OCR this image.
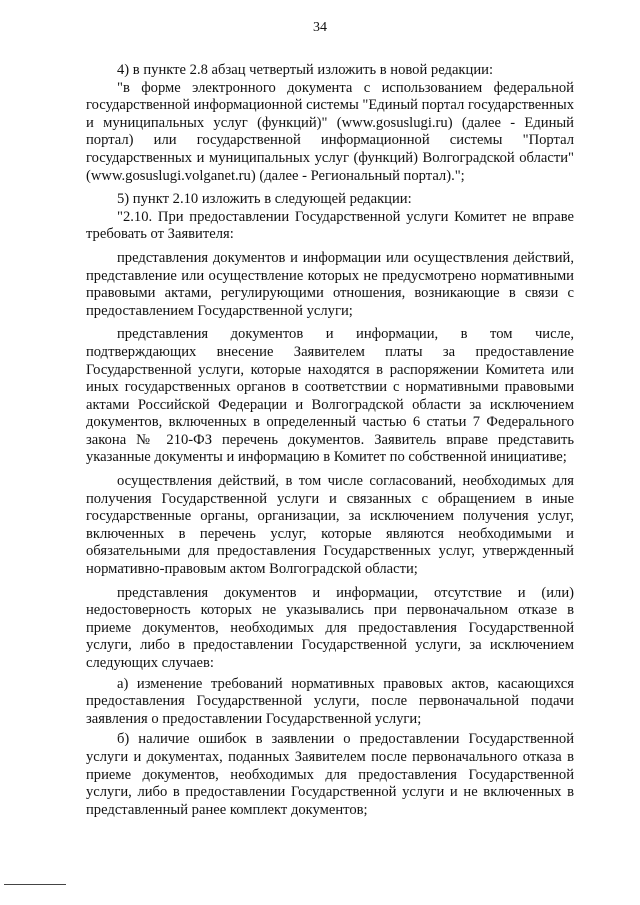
34

4) в пункте 2.8 абзац четвертый изложить в новой редакции:

"в форме электронного документа с использованием федеральной государственной информационной системы "Единый портал государственных и муниципальных услуг (функций)" (www.gosuslugi.ru) (далее - Единый портал) или государственной информационной системы "Портал государственных и муниципальных услуг (функций) Волгоградской области" (www.gosuslugi.volganet.ru) (далее - Региональный портал).";

5) пункт 2.10 изложить в следующей редакции:

"2.10. При предоставлении Государственной услуги Комитет не вправе требовать от Заявителя:

представления документов и информации или осуществления действий, представление или осуществление которых не предусмотрено нормативными правовыми актами, регулирующими отношения, возникающие в связи с предоставлением Государственной услуги;

представления документов и информации, в том числе, подтверждающих внесение Заявителем платы за предоставление Государственной услуги, которые находятся в распоряжении Комитета или иных государственных органов в соответствии с нормативными правовыми актами Российской Федерации и Волгоградской области за исключением документов, включенных в определенный частью 6 статьи 7 Федерального закона № 210-ФЗ перечень документов. Заявитель вправе представить указанные документы и информацию в Комитет по собственной инициативе;

осуществления действий, в том числе согласований, необходимых для получения Государственной услуги и связанных с обращением в иные государственные органы, организации, за исключением получения услуг, включенных в перечень услуг, которые являются необходимыми и обязательными для предоставления Государственных услуг, утвержденный нормативно-правовым актом Волгоградской области;

представления документов и информации, отсутствие и (или) недостоверность которых не указывались при первоначальном отказе в приеме документов, необходимых для предоставления Государственной услуги, либо в предоставлении Государственной услуги, за исключением следующих случаев:

а) изменение требований нормативных правовых актов, касающихся предоставления Государственной услуги, после первоначальной подачи заявления о предоставлении Государственной услуги;

б) наличие ошибок в заявлении о предоставлении Государственной услуги и документах, поданных Заявителем после первоначального отказа в приеме документов, необходимых для предоставления Государственной услуги, либо в предоставлении Государственной услуги и не включенных в представленный ранее комплект документов;
